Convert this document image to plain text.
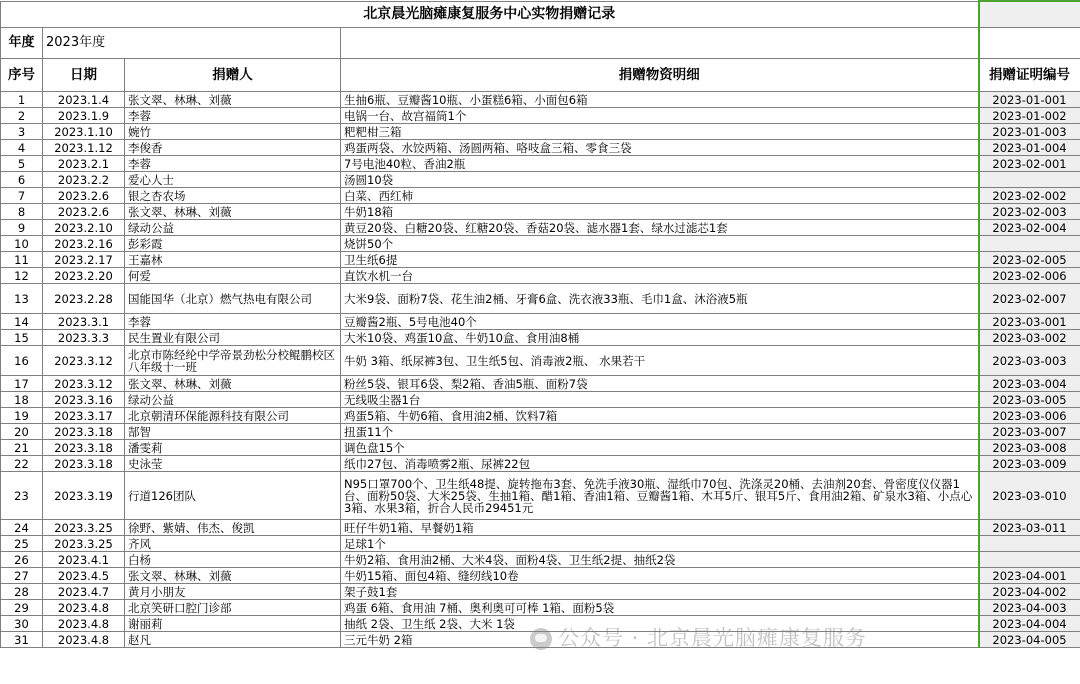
北京晨光脑瘫康复服务中心实物捐赠记录				
年度	2023年度			
序号	日期	捐赠人	捐赠物资明细	捐赠证明编号
1	2023.1.4	张文翠、林琳、刘薇	生抽6瓶、豆瓣酱10瓶、小蛋糕6箱、小面包6箱	2023-01-001
2	2023.1.9	李蓉	电锅一台、故宫福筒1个	2023-01-002
3	2023.1.10	婉竹	粑粑柑三箱	2023-01-003
4	2023.1.12	李俊香	鸡蛋两袋、水饺两箱、汤圆两箱、咯吱盒三箱、零食三袋	2023-01-004
5	2023.2.1	李蓉	7号电池40粒、香油2瓶	2023-02-001
6	2023.2.2	爱心人士	汤圆10袋	
7	2023.2.6	银之杏农场	白菜、西红柿	2023-02-002
8	2023.2.6	张文翠、林琳、刘薇	牛奶18箱	2023-02-003
9	2023.2.10	绿动公益	黄豆20袋、白糖20袋、红糖20袋、香菇20袋、滤水器1套、绿水过滤芯1套	2023-02-004
10	2023.2.16	彭彩霞	烧饼50个	
11	2023.2.17	王嘉林	卫生纸6提	2023-02-005
12	2023.2.20	何爱	直饮水机一台	2023-02-006
13	2023.2.28	国能国华（北京）燃气热电有限公司	大米9袋、面粉7袋、花生油2桶、牙膏6盒、洗衣液33瓶、毛巾1盒、沐浴液5瓶	2023-02-007
14	2023.3.1	李蓉	豆瓣酱2瓶、5号电池40个	2023-03-001
15	2023.3.3	民生置业有限公司	大米10袋、鸡蛋10盒、牛奶10盒、食用油8桶	2023-03-002
16	2023.3.12	北京市陈经纶中学帝景劲松分校鲲鹏校区八年级十一班	牛奶 3箱、纸尿裤3包、卫生纸5包、消毒液2瓶、 水果若干	2023-03-003
17	2023.3.12	张文翠、林琳、刘薇	粉丝5袋、银耳6袋、梨2箱、香油5瓶、面粉7袋	2023-03-004
18	2023.3.16	绿动公益	无线吸尘器1台	2023-03-005
19	2023.3.17	北京朝清环保能源科技有限公司	鸡蛋5箱、牛奶6箱、食用油2桶、饮料7箱	2023-03-006
20	2023.3.18	郜智	扭蛋11个	2023-03-007
21	2023.3.18	潘雯莉	调色盘15个	2023-03-008
22	2023.3.18	史泳莹	纸巾27包、消毒喷雾2瓶、尿裤22包	2023-03-009
23	2023.3.19	行道126团队	N95口罩700个、卫生纸48提、旋转拖布3套、免洗手液30瓶、湿纸巾70包、洗涤灵20桶、去油剂20套、骨密度仪仪器1台、面粉50袋、大米25袋、生抽1箱、醋1箱、香油1箱、豆瓣酱1箱、木耳5斤、银耳5斤、食用油2箱、矿泉水3箱、小点心3箱、水果3箱，折合人民币29451元	2023-03-010
24	2023.3.25	徐野、紫婧、伟杰、俊凯	旺仔牛奶1箱、早餐奶1箱	2023-03-011
25	2023.3.25	齐风	足球1个	
26	2023.4.1	白杨	牛奶2箱、食用油2桶、大米4袋、面粉4袋、卫生纸2提、抽纸2袋	
27	2023.4.5	张文翠、林琳、刘薇	牛奶15箱、面包4箱、缝纫线10卷	2023-04-001
28	2023.4.7	黄月小朋友	架子鼓1套	2023-04-002
29	2023.4.8	北京笑研口腔门诊部	鸡蛋 6箱、食用油 7桶、奥利奥可可棒 1箱、面粉5袋	2023-04-003
30	2023.4.8	谢丽莉	抽纸 2袋、卫生纸 2袋、大米 1袋	2023-04-004
31	2023.4.8	赵凡	三元牛奶 2箱	2023-04-005
公众号 · 北京晨光脑瘫康复服务
